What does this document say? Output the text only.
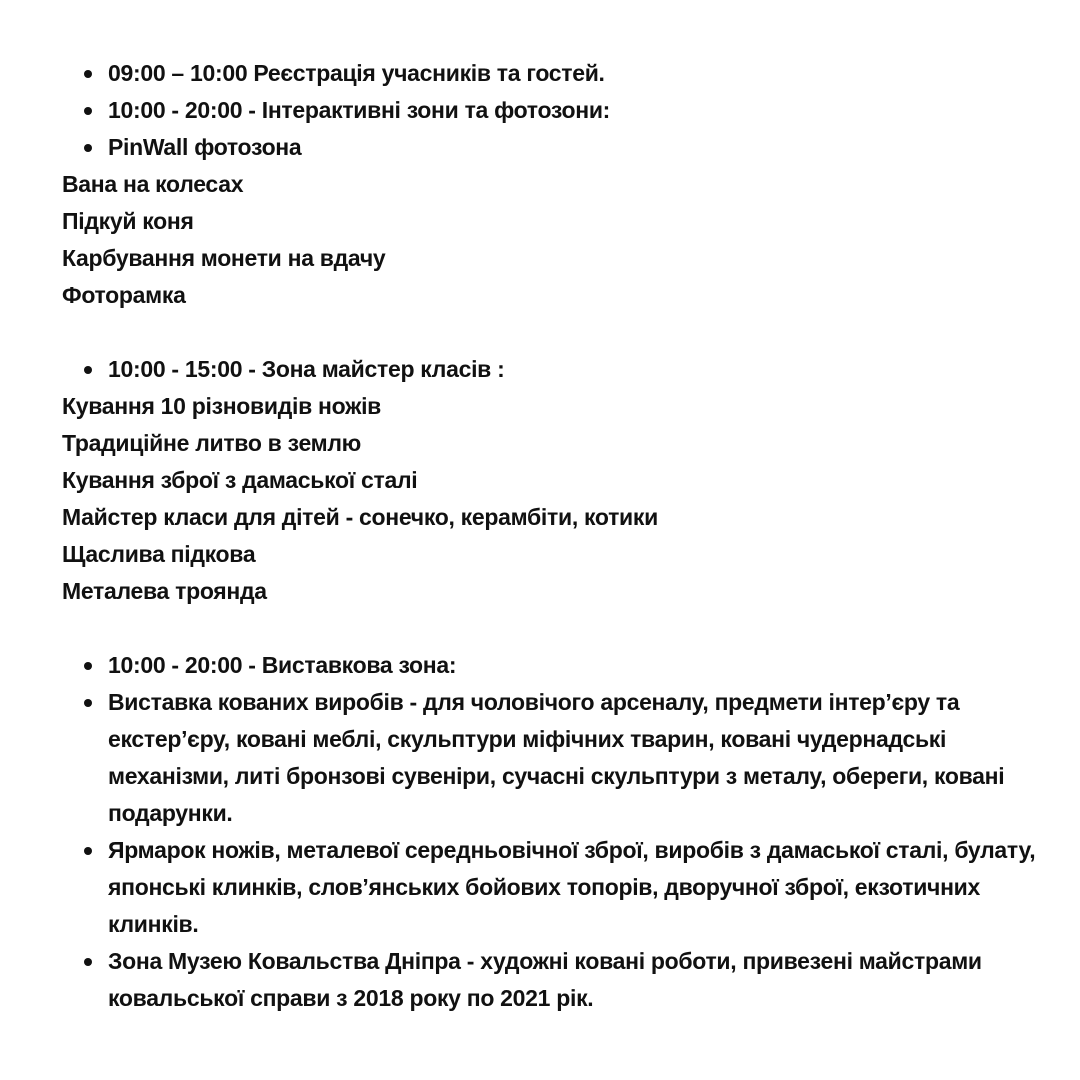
09:00 – 10:00 Реєстрація учасників та гостей.
10:00 - 20:00 - Інтерактивні зони та фотозони:
PinWall фотозона
Вана на колесах
Підкуй коня
Карбування монети на вдачу
Фоторамка
10:00 - 15:00 - Зона майстер класів :
Кування 10 різновидів ножів
Традиційне литво в землю
Кування зброї з дамаської сталі
Майстер класи для дітей - сонечко, керамбіти, котики
Щаслива підкова
Металева троянда
10:00 - 20:00 - Виставкова зона:
Виставка кованих виробів - для чоловічого арсеналу, предмети інтер’єру та екстер’єру, ковані меблі, скульптури міфічних тварин, ковані чудернадські механізми, литі бронзові сувеніри, сучасні скульптури з металу, обереги, ковані подарунки.
Ярмарок ножів, металевої середньовічної зброї, виробів з дамаської сталі, булату, японські клинків, слов’янських бойових топорів, дворучної зброї, екзотичних клинків.
Зона Музею Ковальства Дніпра - художні ковані роботи, привезені майстрами ковальської справи з 2018 року по 2021 рік.
